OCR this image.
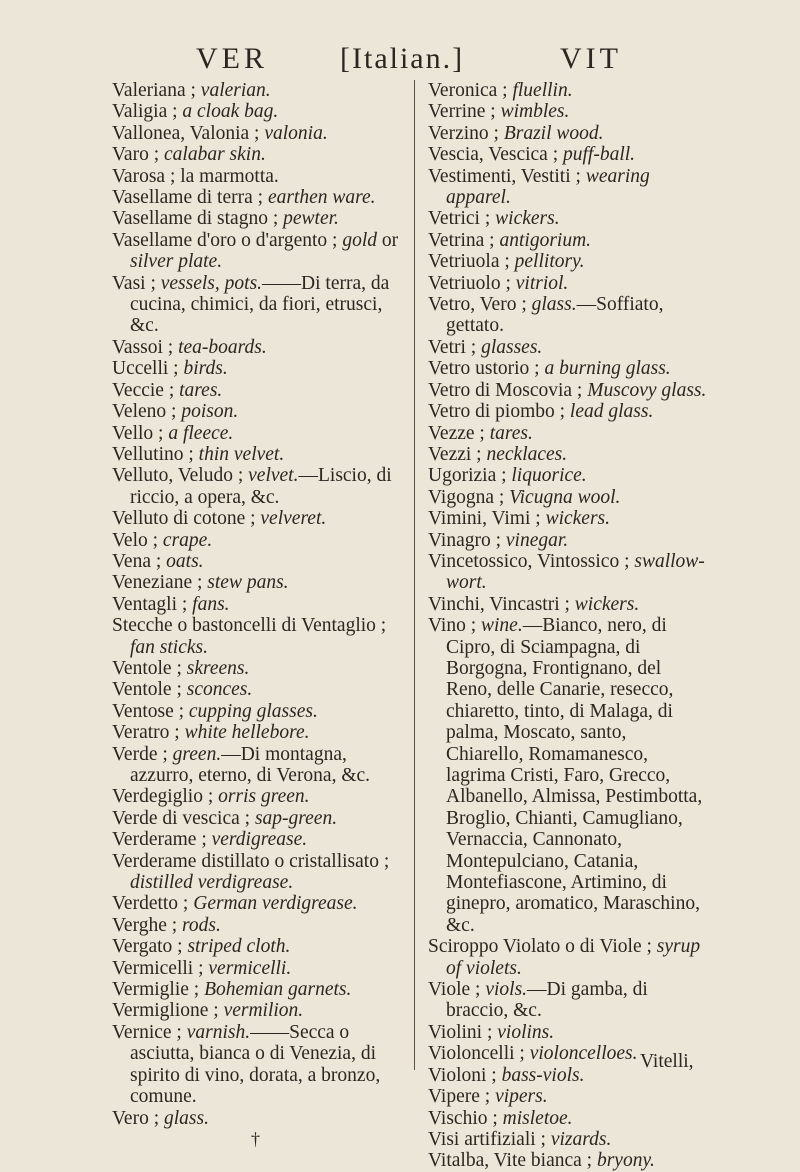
VER [Italian.]	VIT
Valeriana ; valerian.
Valigia ; a cloak bag.
Vallonea, Valonia ; valonia.
Varo ; calabar skin.
Varosa ; la marmotta.
Vasellame di terra ; earthen ware.
Vasellame di stagno ; pewter.
Vasellame d'oro o d'argento ; gold or silver plate.
Vasi ; vessels, pots.——Di terra, da cucina, chimici, da fiori, etrusci, &c.
Vassoi ; tea-boards.
Uccelli ; birds.
Veccie ; tares.
Veleno ; poison.
Vello ; a fleece.
Vellutino ; thin velvet.
Velluto, Veludo ; velvet.—Liscio, di riccio, a opera, &c.
Velluto di cotone ; velveret.
Velo ; crape.
Vena ; oats.
Veneziane ; stew pans.
Ventagli ; fans.
Stecche o bastoncelli di Ventaglio ; fan sticks.
Ventole ; skreens.
Ventole ; sconces.
Ventose ; cupping glasses.
Veratro ; white hellebore.
Verde ; green.—Di montagna, azzurro, eterno, di Verona, &c.
Verdegiglio ; orris green.
Verde di vescica ; sap-green.
Verderame ; verdigrease.
Verderame distillato o cristallisato ; distilled verdigrease.
Verdetto ; German verdigrease.
Verghe ; rods.
Vergato ; striped cloth.
Vermicelli ; vermicelli.
Vermiglie ; Bohemian garnets.
Vermiglione ; vermilion.
Vernice ; varnish.——Secca o asciutta, bianca o di Venezia, di spirito di vino, dorata, a bronzo, comune.
Vero ; glass.
†
Veronica ; fluellin.
Verrine ; wimbles.
Verzino ; Brazil wood.
Vescia, Vescica ; puff-ball.
Vestimenti, Vestiti ; wearing apparel.
Vetrici ; wickers.
Vetrina ; antigorium.
Vetriuola ; pellitory.
Vetriuolo ; vitriol.
Vetro, Vero ; glass.—Soffiato, gettato.
Vetri ; glasses.
Vetro ustorio ; a burning glass.
Vetro di Moscovia ; Muscovy glass.
Vetro di piombo ; lead glass.
Vezze ; tares.
Vezzi ; necklaces.
Ugorizia ; liquorice.
Vigogna ; Vicugna wool.
Vimini, Vimi ; wickers.
Vinagro ; vinegar.
Vincetossico, Vintossico ; swallow-wort.
Vinchi, Vincastri ; wickers.
Vino ; wine.—Bianco, nero, di Cipro, di Sciampagna, di Borgogna, Frontignano, del Reno, delle Canarie, resecco, chiaretto, tinto, di Malaga, di palma, Moscato, santo, Chiarello, Romamanesco, lagrima Cristi, Faro, Grecco, Albanello, Almissa, Pestimbotta, Broglio, Chianti, Camugliano, Vernaccia, Cannonato, Montepulciano, Catania, Montefiascone, Artimino, di ginepro, aromatico, Maraschino, &c.
Sciroppo Violato o di Viole ; syrup of violets.
Viole ; viols.—Di gamba, di braccio, &c.
Violini ; violins.
Violoncelli ; violoncelloes.
Violoni ; bass-viols.
Vipere ; vipers.
Vischio ; misletoe.
Visi artifiziali ; vizards.
Vitalba, Vite bianca ; bryony.
Vitelli,
